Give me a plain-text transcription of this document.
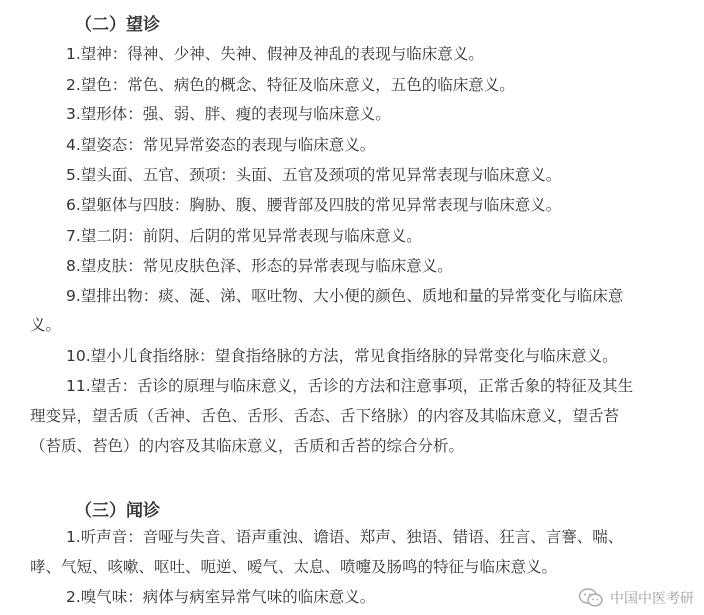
（二）望诊
1.望神：得神、少神、失神、假神及神乱的表现与临床意义。
2.望色：常色、病色的概念、特征及临床意义，五色的临床意义。
3.望形体：强、弱、胖、瘦的表现与临床意义。
4.望姿态：常见异常姿态的表现与临床意义。
5.望头面、五官、颈项：头面、五官及颈项的常见异常表现与临床意义。
6.望躯体与四肢：胸胁、腹、腰背部及四肢的常见异常表现与临床意义。
7.望二阴：前阴、后阴的常见异常表现与临床意义。
8.望皮肤：常见皮肤色泽、形态的异常表现与临床意义。
9.望排出物：痰、涎、涕、呕吐物、大小便的颜色、质地和量的异常变化与临床意
义。
10.望小儿食指络脉：望食指络脉的方法，常见食指络脉的异常变化与临床意义。
11.望舌：舌诊的原理与临床意义，舌诊的方法和注意事项，正常舌象的特征及其生
理变异，望舌质（舌神、舌色、舌形、舌态、舌下络脉）的内容及其临床意义，望舌苔
（苔质、苔色）的内容及其临床意义，舌质和舌苔的综合分析。
（三）闻诊
1.听声音：音哑与失音、语声重浊、谵语、郑声、独语、错语、狂言、言謇、喘、
哮、气短、咳嗽、呕吐、呃逆、嗳气、太息、喷嚏及肠鸣的特征与临床意义。
2.嗅气味：病体与病室异常气味的临床意义。	中国中医考研
